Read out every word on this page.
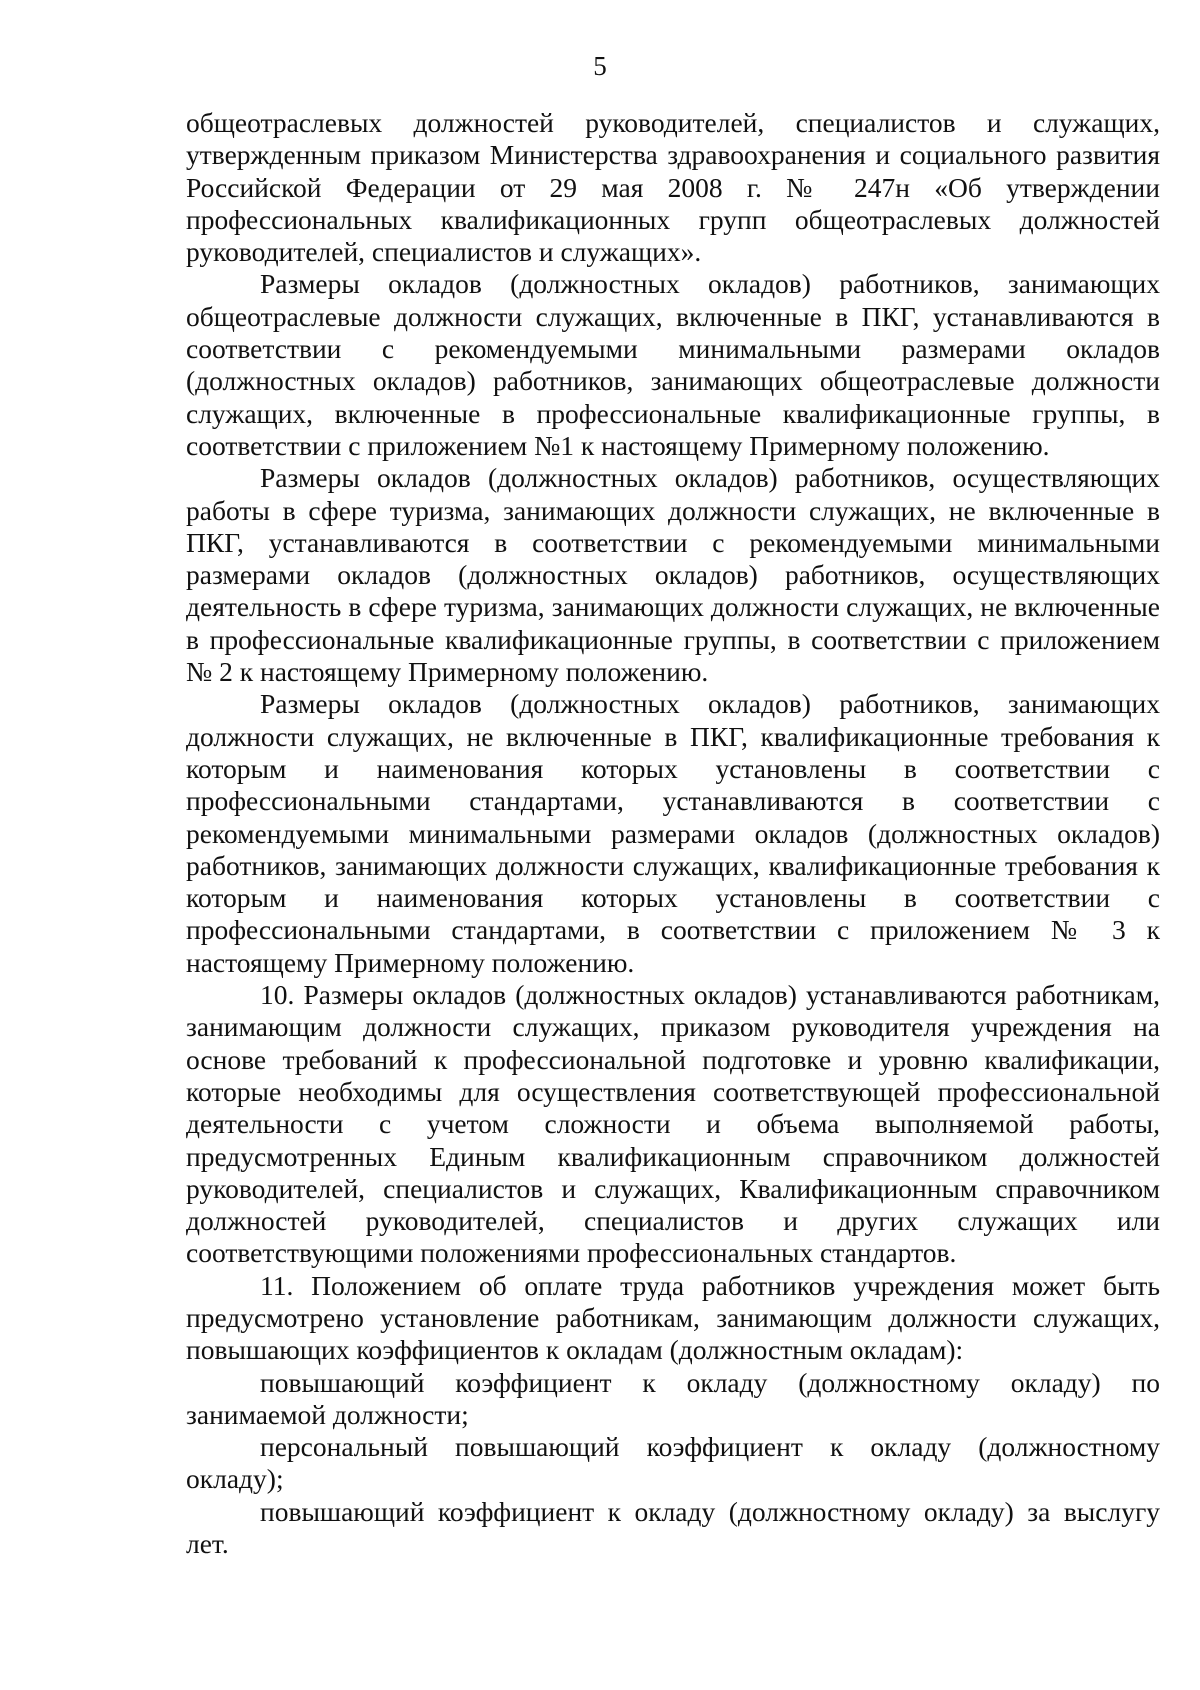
5

общеотраслевых должностей руководителей, специалистов и служащих, утвержденным приказом Министерства здравоохранения и социального развития Российской Федерации от 29 мая 2008 г. № 247н «Об утверждении профессиональных квалификационных групп общеотраслевых должностей руководителей, специалистов и служащих».

Размеры окладов (должностных окладов) работников, занимающих общеотраслевые должности служащих, включенные в ПКГ, устанавливаются в соответствии с рекомендуемыми минимальными размерами окладов (должностных окладов) работников, занимающих общеотраслевые должности служащих, включенные в профессиональные квалификационные группы, в соответствии с приложением №1 к настоящему Примерному положению.

Размеры окладов (должностных окладов) работников, осуществляющих работы в сфере туризма, занимающих должности служащих, не включенные в ПКГ, устанавливаются в соответствии с рекомендуемыми минимальными размерами окладов (должностных окладов) работников, осуществляющих деятельность в сфере туризма, занимающих должности служащих, не включенные в профессиональные квалификационные группы, в соответствии с приложением № 2 к настоящему Примерному положению.

Размеры окладов (должностных окладов) работников, занимающих должности служащих, не включенные в ПКГ, квалификационные требования к которым и наименования которых установлены в соответствии с профессиональными стандартами, устанавливаются в соответствии с рекомендуемыми минимальными размерами окладов (должностных окладов) работников, занимающих должности служащих, квалификационные требования к которым и наименования которых установлены в соответствии с профессиональными стандартами, в соответствии с приложением № 3 к настоящему Примерному положению.

10. Размеры окладов (должностных окладов) устанавливаются работникам, занимающим должности служащих, приказом руководителя учреждения на основе требований к профессиональной подготовке и уровню квалификации, которые необходимы для осуществления соответствующей профессиональной деятельности с учетом сложности и объема выполняемой работы, предусмотренных Единым квалификационным справочником должностей руководителей, специалистов и служащих, Квалификационным справочником должностей руководителей, специалистов и других служащих или соответствующими положениями профессиональных стандартов.

11. Положением об оплате труда работников учреждения может быть предусмотрено установление работникам, занимающим должности служащих, повышающих коэффициентов к окладам (должностным окладам):

повышающий коэффициент к окладу (должностному окладу) по занимаемой должности;

персональный повышающий коэффициент к окладу (должностному окладу);

повышающий коэффициент к окладу (должностному окладу) за выслугу лет.
